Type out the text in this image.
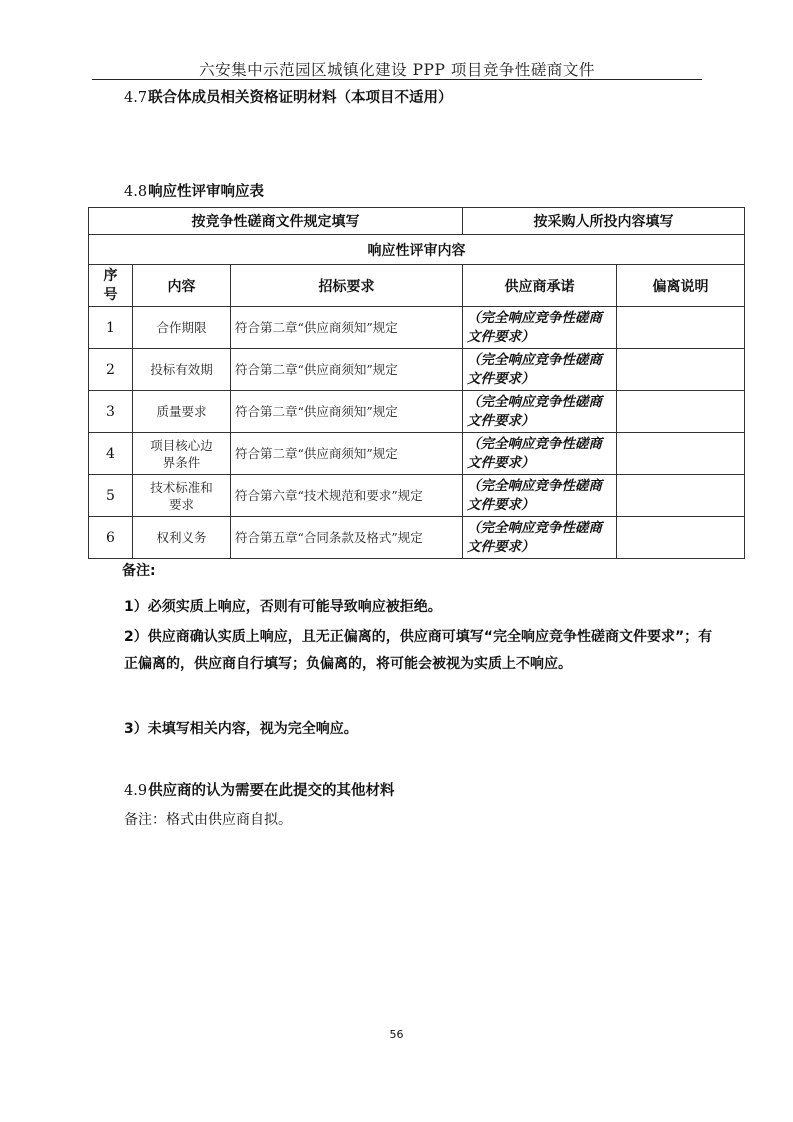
六安集中示范园区城镇化建设 PPP 项目竞争性磋商文件
4.7联合体成员相关资格证明材料（本项目不适用）
4.8响应性评审响应表
按竞争性磋商文件规定填写			按采购人所投内容填写	
响应性评审内容				
序号	内容	招标要求	供应商承诺	偏离说明
1	合作期限	符合第二章“供应商须知”规定	（完全响应竞争性磋商文件要求）	
2	投标有效期	符合第二章“供应商须知”规定	（完全响应竞争性磋商文件要求）	
3	质量要求	符合第二章“供应商须知”规定	（完全响应竞争性磋商文件要求）	
4	项目核心边界条件	符合第二章“供应商须知”规定	（完全响应竞争性磋商文件要求）	
5	技术标准和要求	符合第六章“技术规范和要求”规定	（完全响应竞争性磋商文件要求）	
6	权利义务	符合第五章“合同条款及格式”规定	（完全响应竞争性磋商文件要求）	
备注:

1）必须实质上响应，否则有可能导致响应被拒绝。

2）供应商确认实质上响应，且无正偏离的，供应商可填写“完全响应竞争性磋商文件要求”；有正偏离的，供应商自行填写；负偏离的，将可能会被视为实质上不响应。

3）未填写相关内容，视为完全响应。

4.9供应商的认为需要在此提交的其他材料
备注：格式由供应商自拟。
56
